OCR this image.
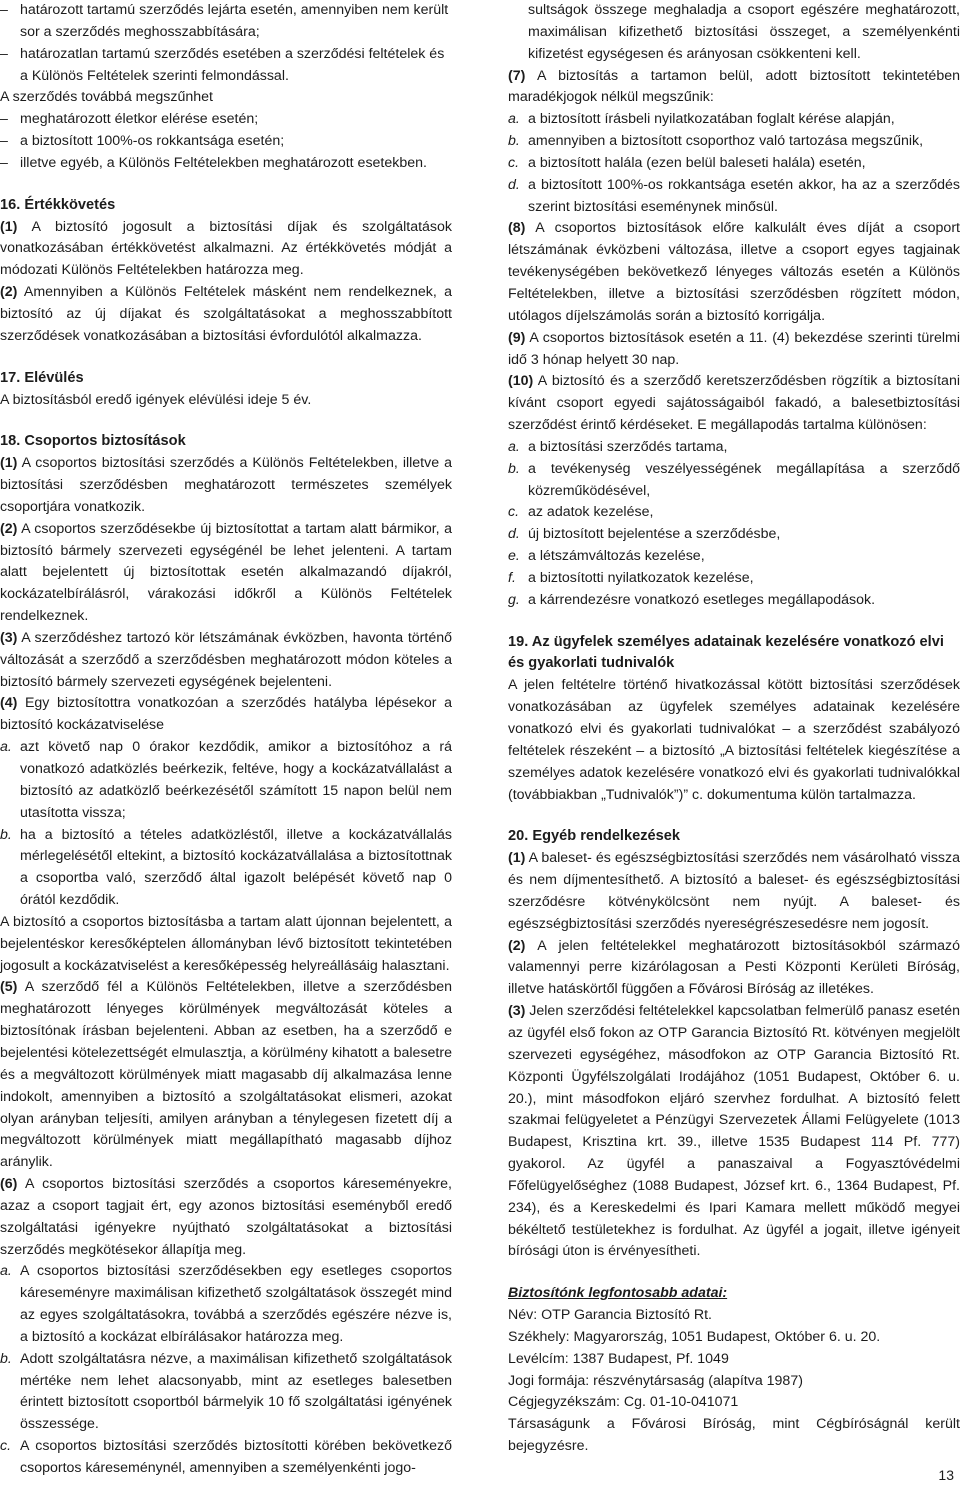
– határozott tartamú szerződés lejárta esetén, amennyiben nem került sor a szerződés meghosszabbítására;

– határozatlan tartamú szerződés esetében a szerződési feltételek és a Különös Feltételek szerinti felmondással.

A szerződés továbbá megszűnhet

– meghatározott életkor elérése esetén;

– a biztosított 100%-os rokkantsága esetén;

– illetve egyéb, a Különös Feltételekben meghatározott esetekben.

16. Értékkövetés

(1) A biztosító jogosult a biztosítási díjak és szolgáltatások vonatkozásában értékkövetést alkalmazni. Az értékkövetés módját a módozati Különös Feltételekben határozza meg.

(2) Amennyiben a Különös Feltételek másként nem rendelkeznek, a biztosító az új díjakat és szolgáltatásokat a meghosszabbított szerződések vonatkozásában a biztosítási évfordulótól alkalmazza.

17. Elévülés

A biztosításból eredő igények elévülési ideje 5 év.

18. Csoportos biztosítások

(1) A csoportos biztosítási szerződés a Különös Feltételekben, illetve a biztosítási szerződésben meghatározott természetes személyek csoportjára vonatkozik.

(2) A csoportos szerződésekbe új biztosítottat a tartam alatt bármikor, a biztosító bármely szervezeti egységénél be lehet jelenteni. A tartam alatt bejelentett új biztosítottak esetén alkalmazandó díjakról, kockázatelbírálásról, várakozási időkről a Különös Feltételek rendelkeznek.

(3) A szerződéshez tartozó kör létszámának évközben, havonta történő változását a szerződő a szerződésben meghatározott módon köteles a biztosító bármely szervezeti egységének bejelenteni.

(4) Egy biztosítottra vonatkozóan a szerződés hatályba lépésekor a biztosító kockázatviselése

a. azt követő nap 0 órakor kezdődik, amikor a biztosítóhoz a rá vonatkozó adatközlés beérkezik, feltéve, hogy a kockázatvállalást a biztosító az adatközlő beérkezésétől számított 15 napon belül nem utasította vissza;

b. ha a biztosító a tételes adatközléstől, illetve a kockázatvállalás mérlegelésétől eltekint, a biztosító kockázatvállalása a biztosítottnak a csoportba való, szerződő által igazolt belépését követő nap 0 órától kezdődik.

A biztosító a csoportos biztosításba a tartam alatt újonnan bejelentett, a bejelentéskor keresőképtelen állományban lévő biztosított tekintetében jogosult a kockázatviselést a keresőképesség helyreállásáig halasztani.

(5) A szerződő fél a Különös Feltételekben, illetve a szerződésben meghatározott lényeges körülmények megváltozását köteles a biztosítónak írásban bejelenteni. Abban az esetben, ha a szerződő e bejelentési kötelezettségét elmulasztja, a körülmény kihatott a balesetre és a megváltozott körülmények miatt magasabb díj alkalmazása lenne indokolt, amennyiben a biztosító a szolgáltatásokat elismeri, azokat olyan arányban teljesíti, amilyen arányban a ténylegesen fizetett díj a megváltozott körülmények miatt megállapítható magasabb díjhoz aránylik.

(6) A csoportos biztosítási szerződés a csoportos káreseményekre, azaz a csoport tagjait ért, egy azonos biztosítási eseményből eredő szolgáltatási igényekre nyújtható szolgáltatásokat a biztosítási szerződés megkötésekor állapítja meg.

a. A csoportos biztosítási szerződésekben egy esetleges csoportos káreseményre maximálisan kifizethető szolgáltatások összegét mind az egyes szolgáltatásokra, továbbá a szerződés egészére nézve is, a biztosító a kockázat elbírálásakor határozza meg.

b. Adott szolgáltatásra nézve, a maximálisan kifizethető szolgáltatások mértéke nem lehet alacsonyabb, mint az esetleges balesetben érintett biztosított csoportból bármelyik 10 fő szolgáltatási igényének összessége.

c. A csoportos biztosítási szerződés biztosítotti körében bekövetkező csoportos káreseménynél, amennyiben a személyenkénti jogo-

sultságok összege meghaladja a csoport egészére meghatározott, maximálisan kifizethető biztosítási összeget, a személyenkénti kifizetést egységesen és arányosan csökkenteni kell.

(7) A biztosítás a tartamon belül, adott biztosított tekintetében maradékjogok nélkül megszűnik:

a. a biztosított írásbeli nyilatkozatában foglalt kérése alapján,

b. amennyiben a biztosított csoporthoz való tartozása megszűnik,

c. a biztosított halála (ezen belül baleseti halála) esetén,

d. a biztosított 100%-os rokkantsága esetén akkor, ha az a szerződés szerint biztosítási eseménynek minősül.

(8) A csoportos biztosítások előre kalkulált éves díját a csoport létszámának évközbeni változása, illetve a csoport egyes tagjainak tevékenységében bekövetkező lényeges változás esetén a Különös Feltételekben, illetve a biztosítási szerződésben rögzített módon, utólagos díjelszámolás során a biztosító korrigálja.

(9) A csoportos biztosítások esetén a 11. (4) bekezdése szerinti türelmi idő 3 hónap helyett 30 nap.

(10) A biztosító és a szerződő keretszerződésben rögzítik a biztosítani kívánt csoport egyedi sajátosságaiból fakadó, a balesetbiztosítási szerződést érintő kérdéseket. E megállapodás tartalma különösen:

a. a biztosítási szerződés tartama,

b. a tevékenység veszélyességének megállapítása a szerződő közreműködésével,

c. az adatok kezelése,

d. új biztosított bejelentése a szerződésbe,

e. a létszámváltozás kezelése,

f. a biztosítotti nyilatkozatok kezelése,

g. a kárrendezésre vonatkozó esetleges megállapodások.

19. Az ügyfelek személyes adatainak kezelésére vonatkozó elvi és gyakorlati tudnivalók

A jelen feltételre történő hivatkozással kötött biztosítási szerződések vonatkozásában az ügyfelek személyes adatainak kezelésére vonatkozó elvi és gyakorlati tudnivalókat – a szerződést szabályozó feltételek részeként – a biztosító „A biztosítási feltételek kiegészítése a személyes adatok kezelésére vonatkozó elvi és gyakorlati tudnivalókkal (továbbiakban „Tudnivalók”)” c. dokumentuma külön tartalmazza.

20. Egyéb rendelkezések

(1) A baleset- és egészségbiztosítási szerződés nem vásárolható vissza és nem díjmentesíthető. A biztosító a baleset- és egészségbiztosítási szerződésre kötvénykölcsönt nem nyújt. A baleset- és egészségbiztosítási szerződés nyereségrészesedésre nem jogosít.

(2) A jelen feltételekkel meghatározott biztosításokból származó valamennyi perre kizárólagosan a Pesti Központi Kerületi Bíróság, illetve hatáskörtől függően a Fővárosi Bíróság az illetékes.

(3) Jelen szerződési feltételekkel kapcsolatban felmerülő panasz esetén az ügyfél első fokon az OTP Garancia Biztosító Rt. kötvényen megjelölt szervezeti egységéhez, másodfokon az OTP Garancia Biztosító Rt. Központi Ügyfélszolgálati Irodájához (1051 Budapest, Október 6. u. 20.), mint másodfokon eljáró szervhez fordulhat. A biztosító felett szakmai felügyeletet a Pénzügyi Szervezetek Állami Felügyelete (1013 Budapest, Krisztina krt. 39., illetve 1535 Budapest 114 Pf. 777) gyakorol. Az ügyfél a panaszaival a Fogyasztóvédelmi Főfelügyelőséghez (1088 Budapest, József krt. 6., 1364 Budapest, Pf. 234), és a Kereskedelmi és Ipari Kamara mellett működő megyei békéltető testületekhez is fordulhat. Az ügyfél a jogait, illetve igényeit bírósági úton is érvényesítheti.

Biztosítónk legfontosabb adatai:

Név: OTP Garancia Biztosító Rt.

Székhely: Magyarország, 1051 Budapest, Október 6. u. 20.

Levélcím: 1387 Budapest, Pf. 1049

Jogi formája: részvénytársaság (alapítva 1987)

Cégjegyzékszám: Cg. 01-10-041071

Társaságunk a Fővárosi Bíróság, mint Cégbíróságnál került bejegyzésre.

13
